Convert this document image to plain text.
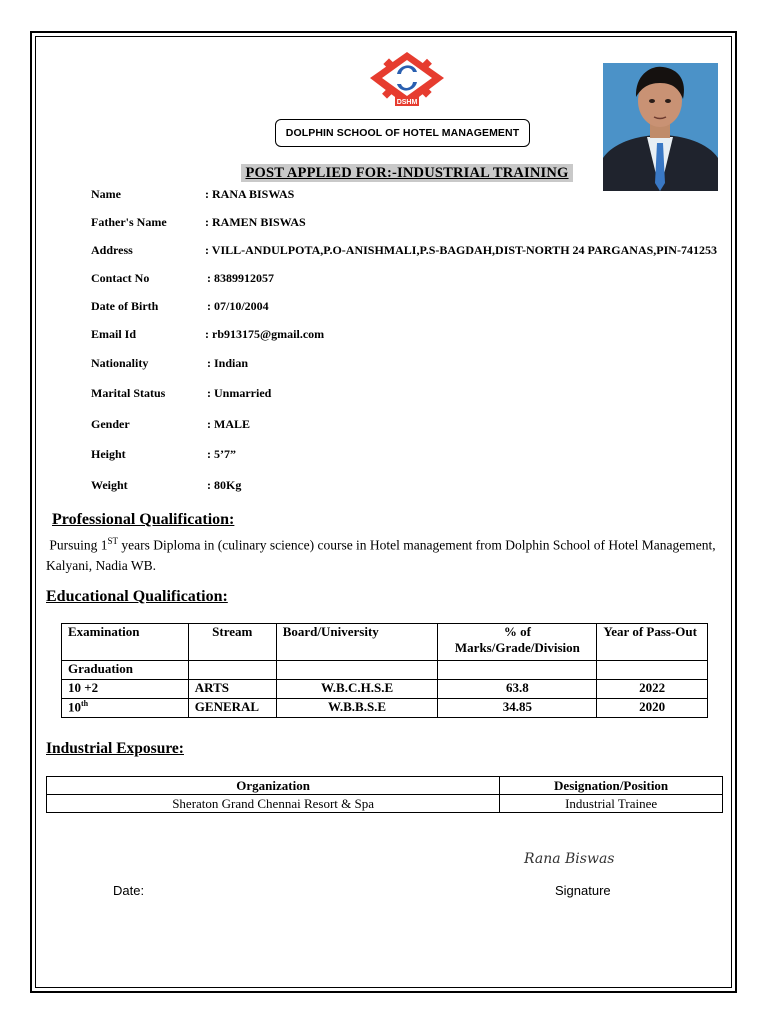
DSHM
DOLPHIN SCHOOL OF HOTEL MANAGEMENT
POST APPLIED FOR:-INDUSTRIAL TRAINING
Name	: RANA BISWAS
Father's Name	: RAMEN BISWAS
Address	: VILL-ANDULPOTA,P.O-ANISHMALI,P.S-BAGDAH,DIST-NORTH 24 PARGANAS,PIN-741253
Contact No	: 8389912057
Date of Birth	: 07/10/2004
Email Id	: rb913175@gmail.com
Nationality	: Indian
Marital Status	: Unmarried
Gender	: MALE
Height	: 5’7”
Weight	: 80Kg
Professional Qualification:
Pursuing 1ST years Diploma in (culinary science) course in Hotel management from Dolphin School of Hotel Management, Kalyani, Nadia WB.
Educational Qualification:
Examination	Stream	Board/University	% of Marks/Grade/Division	Year of Pass-Out
Graduation				
10 +2	ARTS	W.B.C.H.S.E	63.8	2022
10th	GENERAL	W.B.B.S.E	34.85	2020
Industrial Exposure:
Organization	Designation/Position
Sheraton Grand Chennai Resort & Spa	Industrial Trainee
Rana Biswas
Date:	Signature
